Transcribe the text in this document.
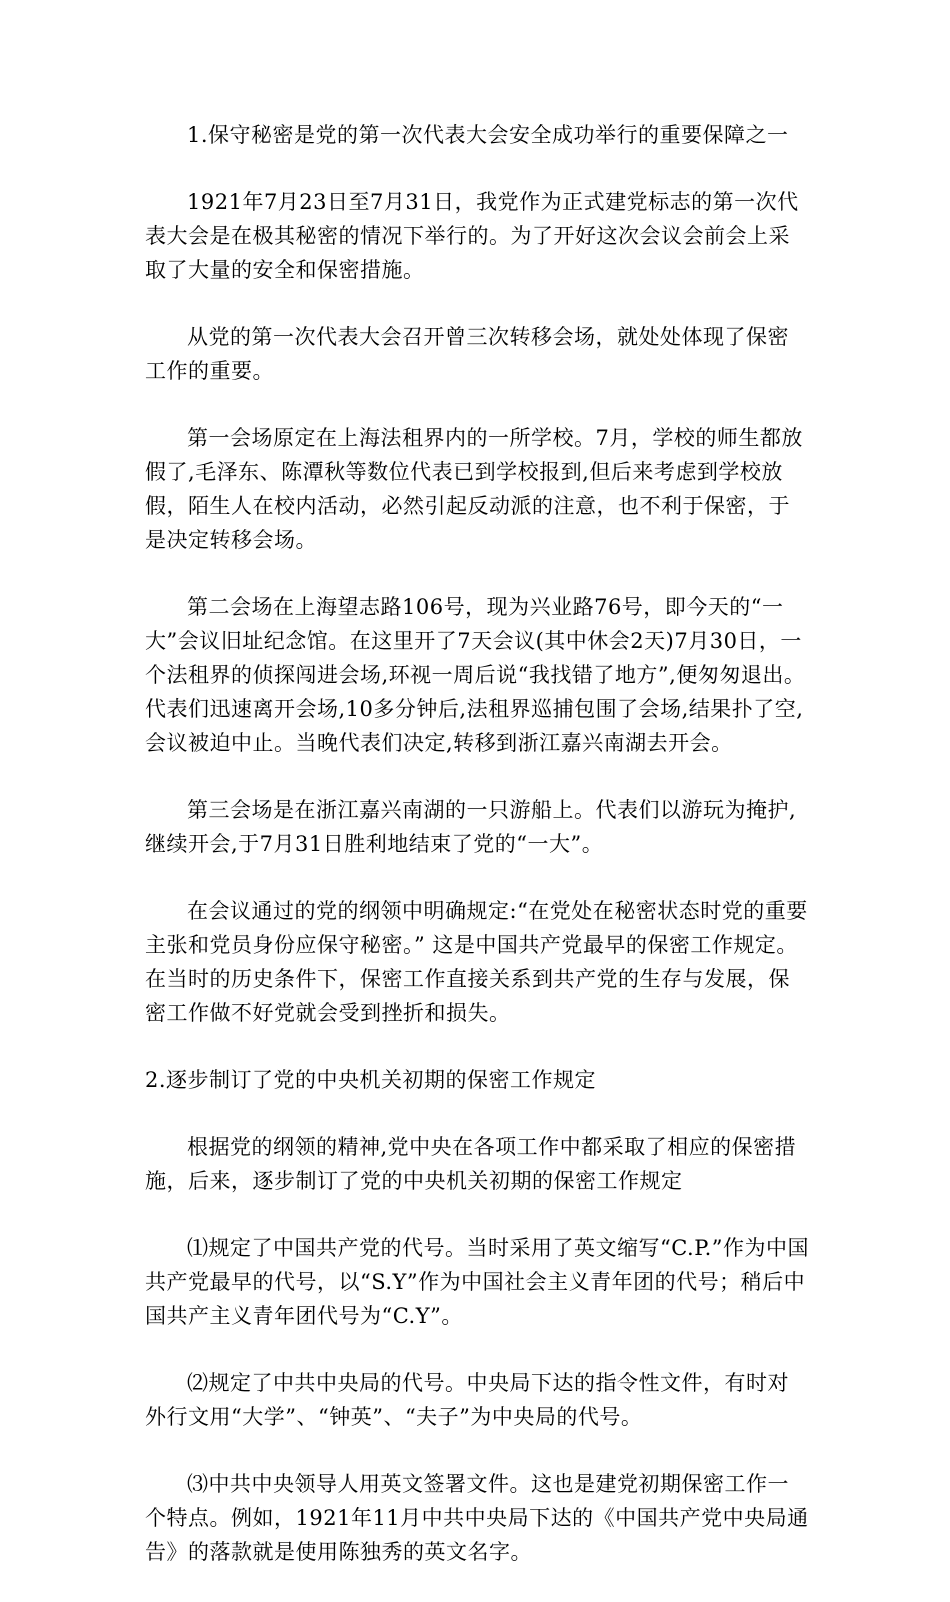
1.保守秘密是党的第一次代表大会安全成功举行的重要保障之一

1921年7月23日至7月31日，我党作为正式建党标志的第一次代表大会是在极其秘密的情况下举行的。为了开好这次会议会前会上采取了大量的安全和保密措施。

从党的第一次代表大会召开曾三次转移会场，就处处体现了保密工作的重要。

第一会场原定在上海法租界内的一所学校。7月，学校的师生都放假了,毛泽东、陈潭秋等数位代表已到学校报到,但后来考虑到学校放假，陌生人在校内活动，必然引起反动派的注意，也不利于保密，于是决定转移会场。

第二会场在上海望志路106号，现为兴业路76号，即今天的“一大”会议旧址纪念馆。在这里开了7天会议(其中休会2天)7月30日，一个法租界的侦探闯进会场,环视一周后说“我找错了地方”,便匆匆退出。代表们迅速离开会场,10多分钟后,法租界巡捕包围了会场,结果扑了空,会议被迫中止。当晚代表们决定,转移到浙江嘉兴南湖去开会。

第三会场是在浙江嘉兴南湖的一只游船上。代表们以游玩为掩护,继续开会,于7月31日胜利地结束了党的“一大”。

在会议通过的党的纲领中明确规定:“在党处在秘密状态时党的重要主张和党员身份应保守秘密。” 这是中国共产党最早的保密工作规定。在当时的历史条件下，保密工作直接关系到共产党的生存与发展，保密工作做不好党就会受到挫折和损失。

2.逐步制订了党的中央机关初期的保密工作规定

根据党的纲领的精神,党中央在各项工作中都采取了相应的保密措施，后来，逐步制订了党的中央机关初期的保密工作规定

⑴规定了中国共产党的代号。当时采用了英文缩写“C.P.”作为中国共产党最早的代号，以“S.Y”作为中国社会主义青年团的代号；稍后中国共产主义青年团代号为“C.Y”。

⑵规定了中共中央局的代号。中央局下达的指令性文件，有时对外行文用“大学”、“钟英”、“夫子”为中央局的代号。

⑶中共中央领导人用英文签署文件。这也是建党初期保密工作一个特点。例如，1921年11月中共中央局下达的《中国共产党中央局通告》的落款就是使用陈独秀的英文名字。
